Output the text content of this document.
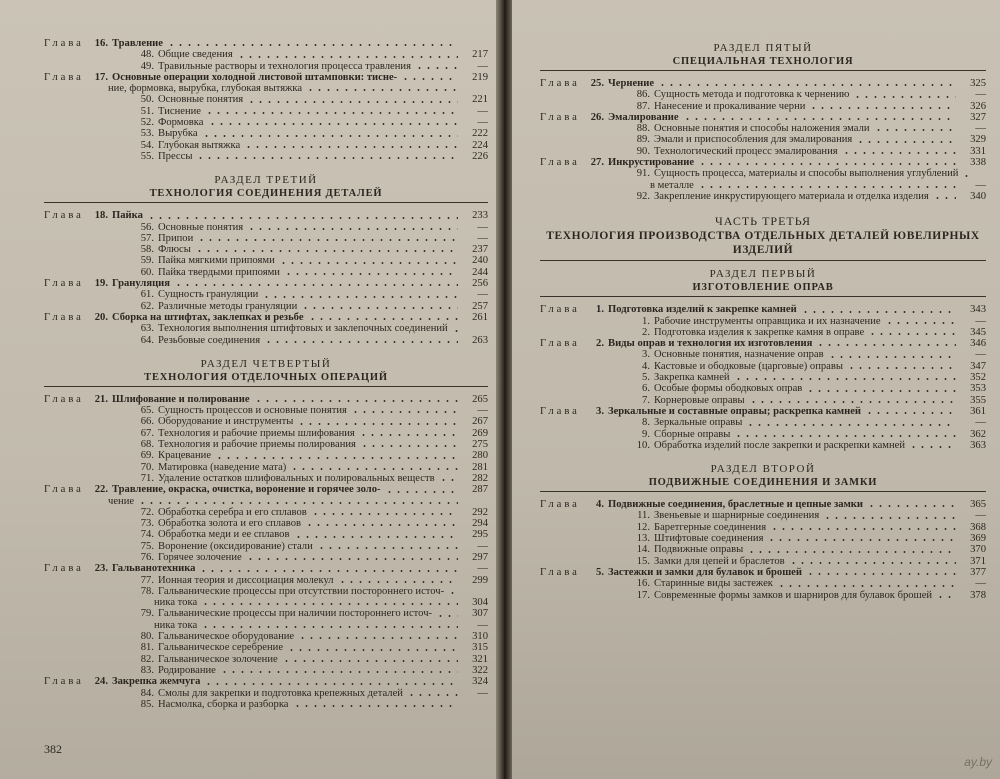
Глава	16. Травление
48. Общие сведения	217
49. Травильные растворы и технология процесса травления	—
Глава	17. Основные операции холодной листовой штамповки: тисне-	219
ние, формовка, вырубка, глубокая вытяжка
50. Основные понятия	221
51. Тиснение	—
52. Формовка	—
53. Вырубка	222
54. Глубокая вытяжка	224
55. Прессы	226
РАЗДЕЛ ТРЕТИЙ
ТЕХНОЛОГИЯ СОЕДИНЕНИЯ ДЕТАЛЕЙ
Глава	18. Пайка	233
56. Основные понятия	—
57. Припои	—
58. Флюсы	237
59. Пайка мягкими припоями	240
60. Пайка твердыми припоями	244
Глава	19. Грануляция	256
61. Сущность грануляции	—
62. Различные методы грануляции	257
Глава	20. Сборка на штифтах, заклепках и резьбе	261
63. Технология выполнения штифтовых и заклепочных соединений
64. Резьбовые соединения	263
РАЗДЕЛ ЧЕТВЕРТЫЙ
ТЕХНОЛОГИЯ ОТДЕЛОЧНЫХ ОПЕРАЦИЙ
Глава	21. Шлифование и полирование	265
65. Сущность процессов и основные понятия	—
66. Оборудование и инструменты	267
67. Технология и рабочие приемы шлифования	269
68. Технология и рабочие приемы полирования	275
69. Крацевание	280
70. Матировка (наведение мата)	281
71. Удаление остатков шлифовальных и полировальных веществ	282
Глава	22. Травление, окраска, очистка, воронение и горячее золо-	287
чение
72. Обработка серебра и его сплавов	292
73. Обработка золота и его сплавов	294
74. Обработка меди и ее сплавов	295
75. Воронение (оксидирование) стали	—
76. Горячее золочение	297
Глава	23. Гальванотехника	—
77. Ионная теория и диссоциация молекул	299
78. Гальванические процессы при отсутствии постороннего источ-
ника тока	304
79. Гальванические процессы при наличии постороннего источ-	307
ника тока	—
80. Гальваническое оборудование	310
81. Гальваническое серебрение	315
82. Гальваническое золочение	321
83. Родирование	322
Глава	24. Закрепка жемчуга	324
84. Смолы для закрепки и подготовка крепежных деталей	—
85. Насмолка, сборка и разборка
382
РАЗДЕЛ ПЯТЫЙ
СПЕЦИАЛЬНАЯ ТЕХНОЛОГИЯ
Глава	25. Чернение	325
86. Сущность метода и подготовка к чернению	—
87. Нанесение и прокаливание черни	326
Глава	26. Эмалирование	327
88. Основные понятия и способы наложения эмали	—
89. Эмали и приспособления для эмалирования	329
90. Технологический процесс эмалирования	331
Глава	27. Инкрустирование	338
91. Сущность процесса, материалы и способы выполнения углублений
в металле	—
92. Закрепление инкрустирующего материала и отделка изделия	340
ЧАСТЬ ТРЕТЬЯ
ТЕХНОЛОГИЯ ПРОИЗВОДСТВА ОТДЕЛЬНЫХ ДЕТАЛЕЙ ЮВЕЛИРНЫХ ИЗДЕЛИЙ
РАЗДЕЛ ПЕРВЫЙ
ИЗГОТОВЛЕНИЕ ОПРАВ
Глава	1. Подготовка изделий к закрепке камней	343
1. Рабочие инструменты оправщика и их назначение	—
2. Подготовка изделия к закрепке камня в оправе	345
Глава	2. Виды оправ и технология их изготовления	346
3. Основные понятия, назначение оправ	—
4. Кастовые и ободковые (царговые) оправы	347
5. Закрепка камней	352
6. Особые формы ободковых оправ	353
7. Корнеровые оправы	355
Глава	3. Зеркальные и составные оправы; раскрепка камней	361
8. Зеркальные оправы	—
9. Сборные оправы	362
10. Обработка изделий после закрепки и раскрепки камней	363
РАЗДЕЛ ВТОРОЙ
ПОДВИЖНЫЕ СОЕДИНЕНИЯ И ЗАМКИ
Глава	4. Подвижные соединения, браслетные и цепные замки	365
11. Звеньевые и шарнирные соединения	—
12. Баретгерные соединения	368
13. Штифтовые соединения	369
14. Подвижные оправы	370
15. Замки для цепей и браслетов	371
Глава	5. Застежки и замки для булавок и брошей	377
16. Старинные виды застежек	—
17. Современные формы замков и шарниров для булавок брошей	378
ay.by
